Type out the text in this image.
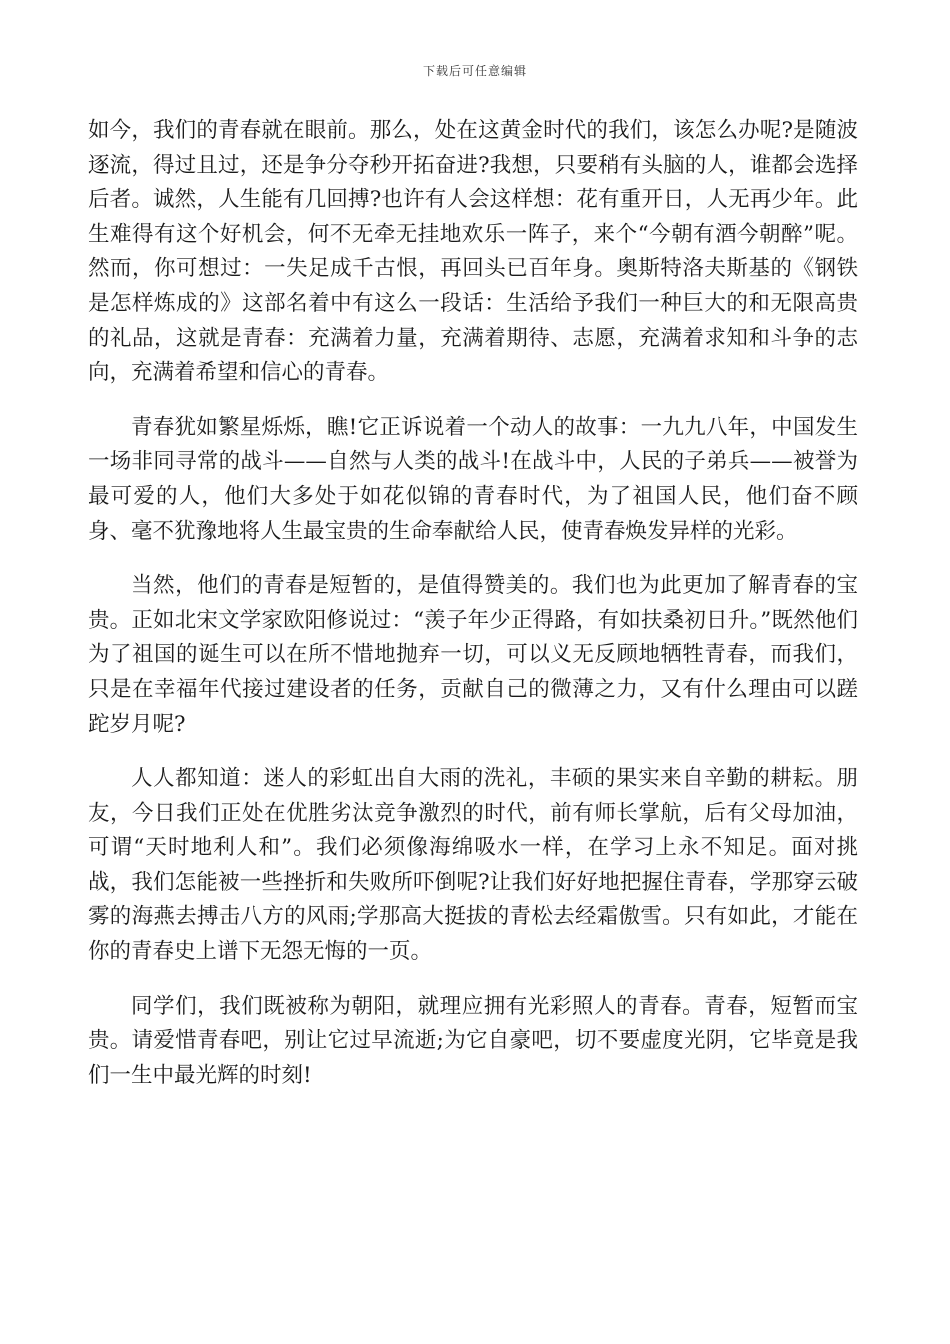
下载后可任意编辑

如今，我们的青春就在眼前。那么，处在这黄金时代的我们，该怎么办呢?是随波逐流，得过且过，还是争分夺秒开拓奋进?我想，只要稍有头脑的人，谁都会选择后者。诚然，人生能有几回搏?也许有人会这样想：花有重开日，人无再少年。此生难得有这个好机会，何不无牵无挂地欢乐一阵子，来个“今朝有酒今朝醉”呢。然而，你可想过：一失足成千古恨，再回头已百年身。奥斯特洛夫斯基的《钢铁是怎样炼成的》这部名着中有这么一段话：生活给予我们一种巨大的和无限高贵的礼品，这就是青春：充满着力量，充满着期待、志愿，充满着求知和斗争的志向，充满着希望和信心的青春。

青春犹如繁星烁烁，瞧!它正诉说着一个动人的故事：一九九八年，中国发生一场非同寻常的战斗——自然与人类的战斗!在战斗中，人民的子弟兵——被誉为最可爱的人，他们大多处于如花似锦的青春时代，为了祖国人民，他们奋不顾身、毫不犹豫地将人生最宝贵的生命奉献给人民，使青春焕发异样的光彩。

当然，他们的青春是短暂的，是值得赞美的。我们也为此更加了解青春的宝贵。正如北宋文学家欧阳修说过：“羡子年少正得路，有如扶桑初日升。”既然他们为了祖国的诞生可以在所不惜地抛弃一切，可以义无反顾地牺牲青春，而我们，只是在幸福年代接过建设者的任务，贡献自己的微薄之力，又有什么理由可以蹉跎岁月呢?

人人都知道：迷人的彩虹出自大雨的洗礼，丰硕的果实来自辛勤的耕耘。朋友，今日我们正处在优胜劣汰竞争激烈的时代，前有师长掌航，后有父母加油，可谓“天时地利人和”。我们必须像海绵吸水一样，在学习上永不知足。面对挑战，我们怎能被一些挫折和失败所吓倒呢?让我们好好地把握住青春，学那穿云破雾的海燕去搏击八方的风雨;学那高大挺拔的青松去经霜傲雪。只有如此，才能在你的青春史上谱下无怨无悔的一页。

同学们，我们既被称为朝阳，就理应拥有光彩照人的青春。青春，短暂而宝贵。请爱惜青春吧，别让它过早流逝;为它自豪吧，切不要虚度光阴，它毕竟是我们一生中最光辉的时刻!
